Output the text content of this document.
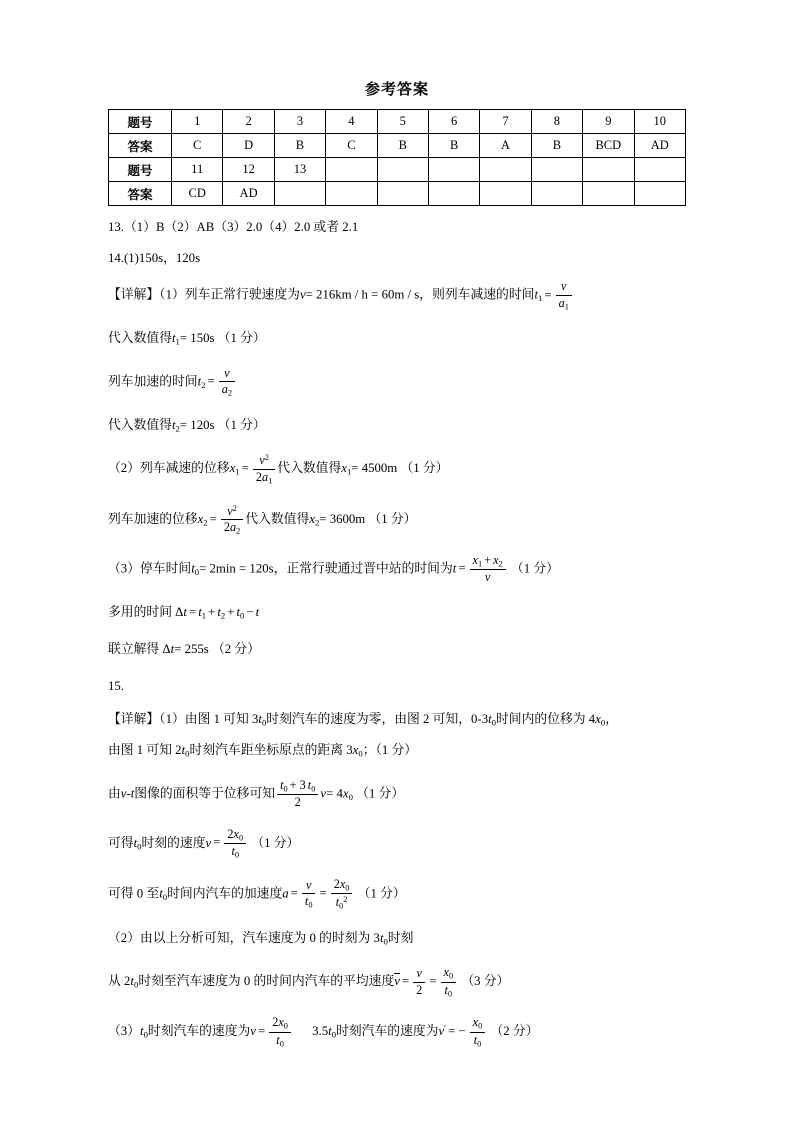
参考答案
题号	1	2	3	4	5	6	7	8	9	10
答案	C	D	B	C	B	B	A	B	BCD	AD
题号	11	12	13							
答案	CD	AD								
13.（1）B（2）AB（3）2.0（4）2.0 或者 2.1
14.(1)150s，120s
【详解】（1）列车正常行驶速度为v= 216km / h = 60m / s，则列车减速的时间$t1 = \frac{v}{a1}$
代入数值得t1= 150s （1 分）
列车加速的时间$t2 = \frac{v}{a2}$
代入数值得t2= 120s （1 分）
（2）列车减速的位移$x1 = \frac{v^2}{2a1}$ 代入数值得x1= 4500m （1 分）
列车加速的位移$x2 = \frac{v^2}{2a2}$ 代入数值得x2= 3600m （1 分）
（3）停车时间t0= 2min = 120s，正常行驶通过晋中站的时间为$t = \frac{x1 + x2}{v} (1$ 分）
多用的时间 Δt = t1 + t2 + t0 − t
联立解得 Δt= 255s （2 分）
15.
【详解】（1）由图 1 可知 3t0时刻汽车的速度为零，由图 2 可知，0-3t0时间内的位移为 4x0，
由图 1 可知 2t0时刻汽车距坐标原点的距离 3x0；（1 分）
由v-t图像的面积等于位移可知 $\frac{t0 + 3 t0}{2} v= 4x0$ （1 分）
可得t0时刻的速度$v = \frac{2x0}{t0} (1$ 分）
可得 0 至t0时间内汽车的加速度$a = \frac{v}{t0} = \frac{2x0}{t0^2} (1$ 分）
（2）由以上分析可知，汽车速度为 0 的时刻为 3t0时刻
从 2t0时刻至汽车速度为 0 的时间内汽车的平均速度$v = \frac{v}{2} = \frac{x0}{t0} (3$ 分）
（3）t0时刻汽车的速度为$v = \frac{2x0}{t0} 3.5t0$时刻汽车的速度为v′ = − $\frac{x0}{t0} (2$ 分）
